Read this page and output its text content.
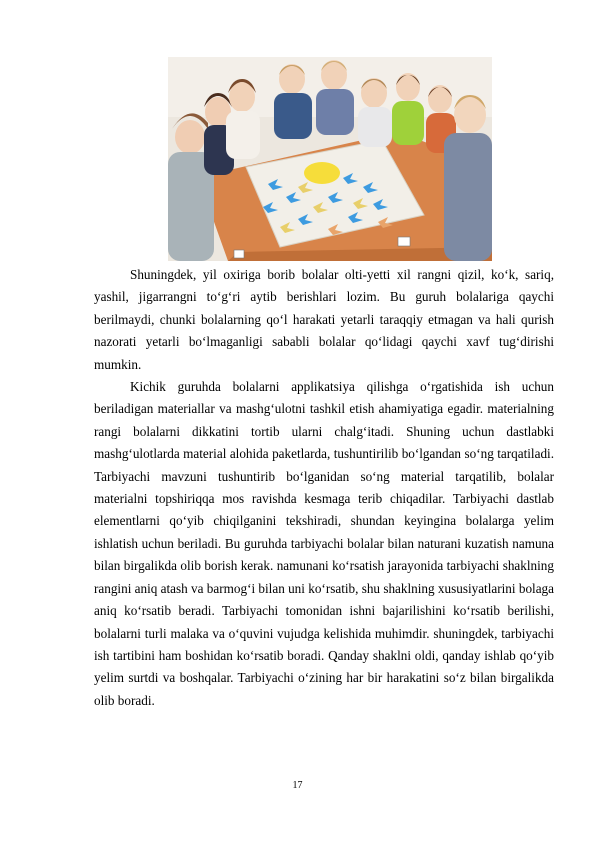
Shuningdek, yil oxiriga borib bolalar olti-yetti xil rangni qizil, ko‘k, sariq, yashil, jigarrangni to‘g‘ri aytib berishlari lozim. Bu guruh bolalariga qaychi berilmaydi, chunki bolalarning qo‘l harakati yetarli taraqqiy etmagan va hali qurish nazorati yetarli bo‘lmaganligi sababli bolalar qo‘lidagi qaychi xavf tug‘dirishi mumkin.

Kichik guruhda bolalarni applikatsiya qilishga o‘rgatishida ish uchun beriladigan materiallar va mashg‘ulotni tashkil etish ahamiyatiga egadir. materialning rangi bolalarni dikkatini tortib ularni chalg‘itadi. Shuning uchun dastlabki mashg‘ulotlarda material alohida paketlarda, tushuntirilib bo‘lgandan so‘ng tarqatiladi. Tarbiyachi mavzuni tushuntirib bo‘lganidan so‘ng material tarqatilib, bolalar materialni topshiriqqa mos ravishda kesmaga terib chiqadilar. Tarbiyachi dastlab elementlarni qo‘yib chiqilganini tekshiradi, shundan keyingina bolalarga yelim ishlatish uchun beriladi. Bu guruhda tarbiyachi bolalar bilan naturani kuzatish namuna bilan birgalikda olib borish kerak. namunani ko‘rsatish jarayonida tarbiyachi shaklning rangini aniq atash va barmog‘i bilan uni ko‘rsatib, shu shaklning xususiyatlarini bolaga aniq ko‘rsatib beradi. Tarbiyachi tomonidan ishni bajarilishini ko‘rsatib berilishi, bolalarni turli malaka va o‘quvini vujudga kelishida muhimdir. shuningdek, tarbiyachi ish tartibini ham boshidan ko‘rsatib boradi. Qanday shaklni oldi, qanday ishlab qo‘yib yelim surtdi va boshqalar. Tarbiyachi o‘zining har bir harakatini so‘z bilan birgalikda olib boradi.

17
